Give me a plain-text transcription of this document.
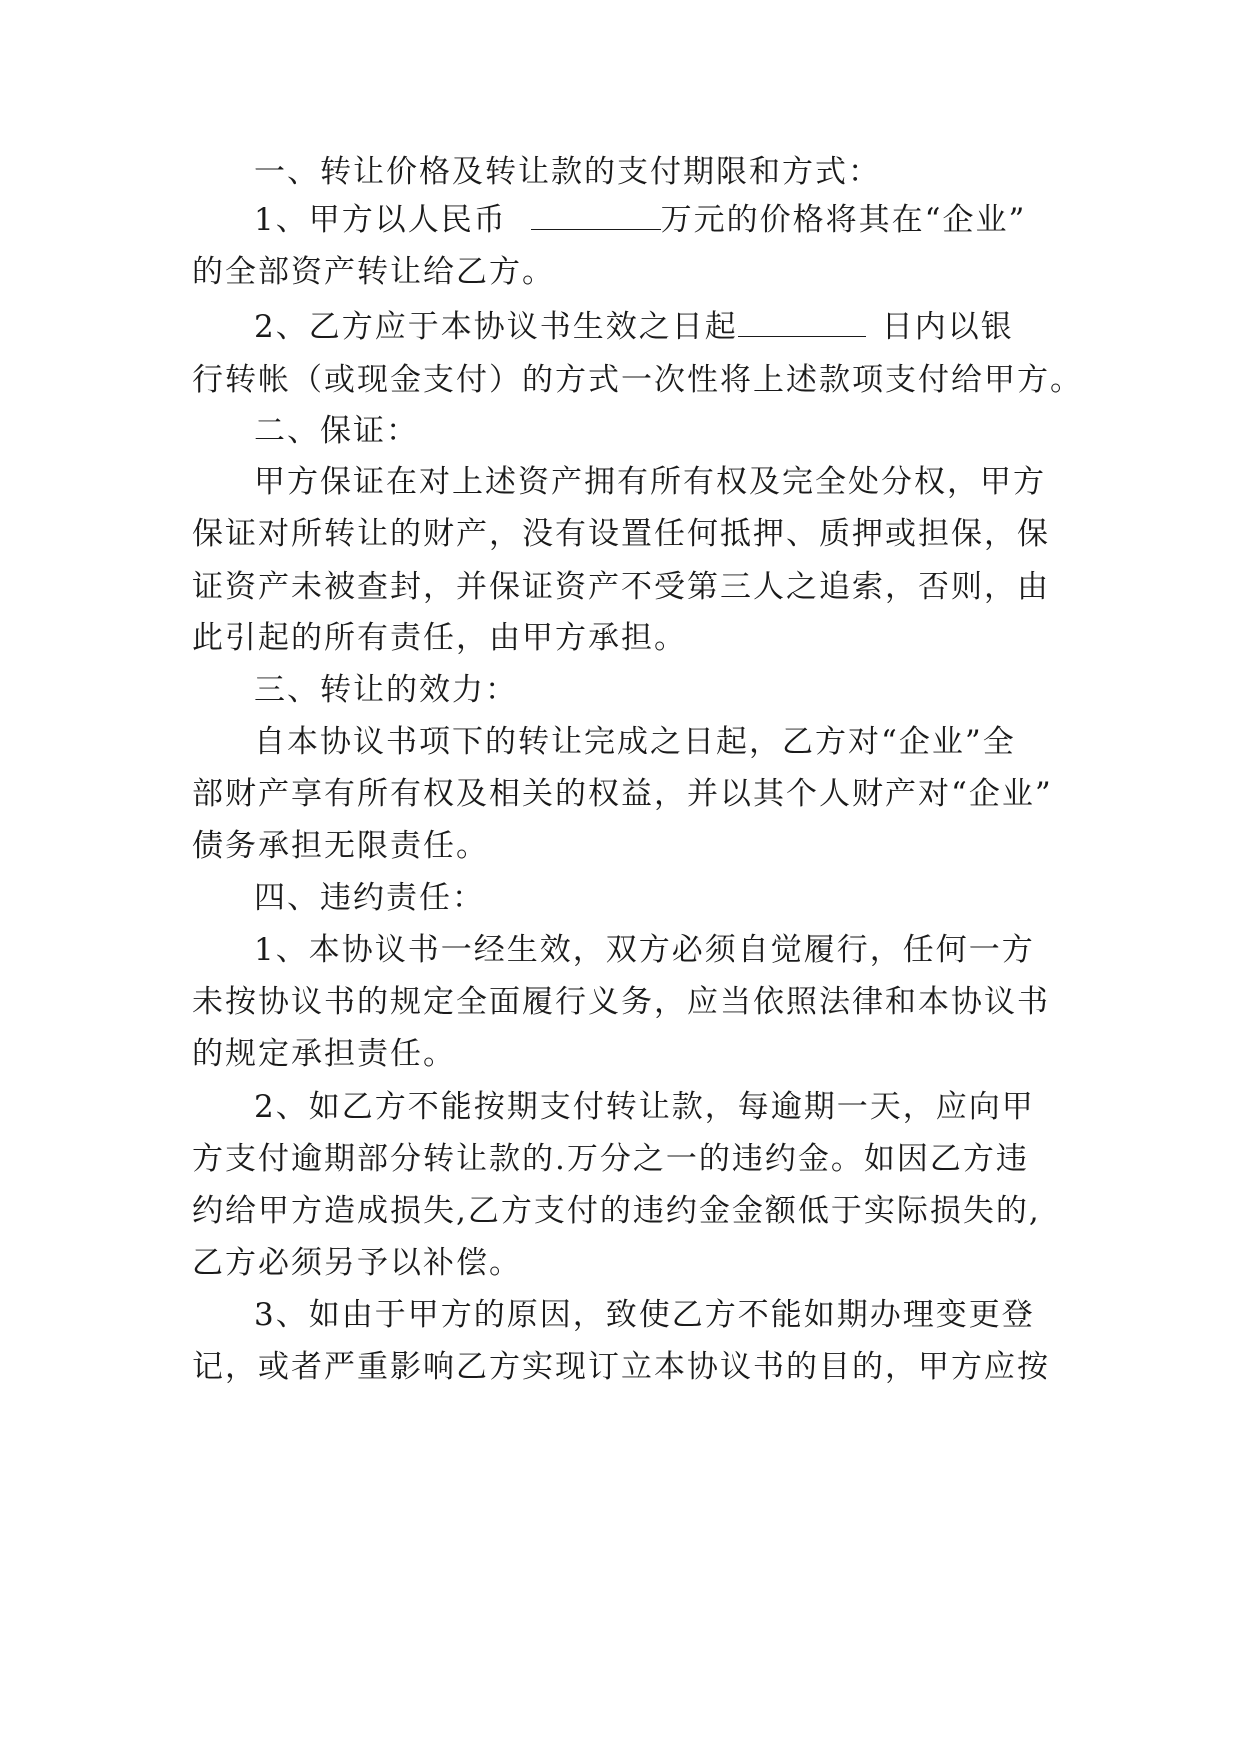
一、转让价格及转让款的支付期限和方式：
1、甲方以人民币	万元的价格将其在“企业”
的全部资产转让给乙方。
2、乙方应于本协议书生效之日起	日内以银
行转帐（或现金支付）的方式一次性将上述款项支付给甲方。
二、保证：
甲方保证在对上述资产拥有所有权及完全处分权，甲方
保证对所转让的财产，没有设置任何抵押、质押或担保，保
证资产未被查封，并保证资产不受第三人之追索，否则，由
此引起的所有责任，由甲方承担。
三、转让的效力：
自本协议书项下的转让完成之日起，乙方对“企业”全
部财产享有所有权及相关的权益，并以其个人财产对“企业”
债务承担无限责任。
四、违约责任：
1、本协议书一经生效，双方必须自觉履行，任何一方
未按协议书的规定全面履行义务，应当依照法律和本协议书
的规定承担责任。
2、如乙方不能按期支付转让款，每逾期一天，应向甲
方支付逾期部分转让款的.万分之一的违约金。如因乙方违
约给甲方造成损失,乙方支付的违约金金额低于实际损失的,
乙方必须另予以补偿。
3、如由于甲方的原因，致使乙方不能如期办理变更登
记，或者严重影响乙方实现订立本协议书的目的，甲方应按
